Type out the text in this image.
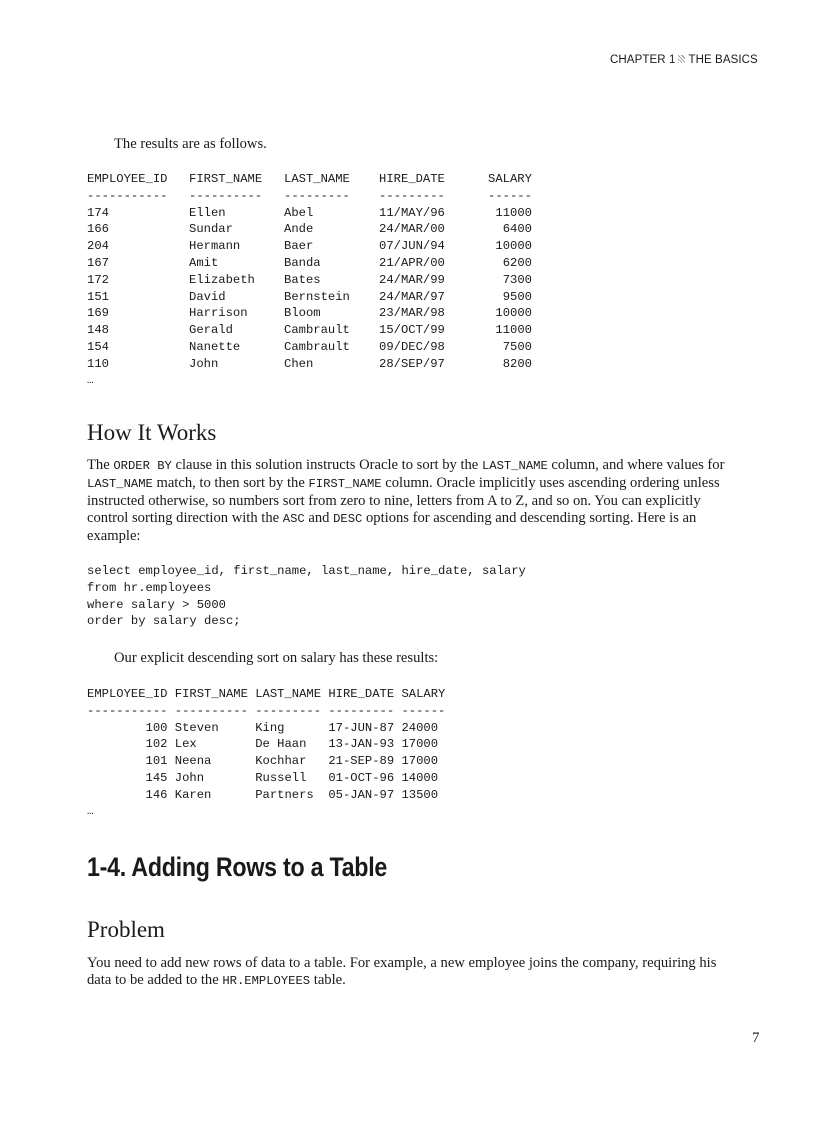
CHAPTER 1 THE BASICS
The results are as follows.
EMPLOYEE_ID	FIRST_NAME	LAST_NAME	HIRE_DATE	SALARY
-----------	----------	---------	---------	------
174	Ellen	Abel	11/MAY/96	11000
166	Sundar	Ande	24/MAR/00	6400
204	Hermann	Baer	07/JUN/94	10000
167	Amit	Banda	21/APR/00	6200
172	Elizabeth	Bates	24/MAR/99	7300
151	David	Bernstein	24/MAR/97	9500
169	Harrison	Bloom	23/MAR/98	10000
148	Gerald	Cambrault	15/OCT/99	11000
154	Nanette	Cambrault	09/DEC/98	7500
110	John	Chen	28/SEP/97	8200
…
How It Works

The ORDER BY clause in this solution instructs Oracle to sort by the LAST_NAME column, and where values for LAST_NAME match, to then sort by the FIRST_NAME column. Oracle implicitly uses ascending ordering unless instructed otherwise, so numbers sort from zero to nine, letters from A to Z, and so on. You can explicitly control sorting direction with the ASC and DESC options for ascending and descending sorting. Here is an example:

select employee_id, first_name, last_name, hire_date, salary
from hr.employees
where salary > 5000
order by salary desc;
Our explicit descending sort on salary has these results:
EMPLOYEE_ID FIRST_NAME LAST_NAME HIRE_DATE SALARY
----------- ---------- --------- --------- ------
100 Steven     King      17-JUN-87 24000
102 Lex        De Haan   13-JAN-93 17000
101 Neena      Kochhar   21-SEP-89 17000
145 John       Russell   01-OCT-96 14000
146 Karen      Partners  05-JAN-97 13500
…
1-4. Adding Rows to a Table
Problem

You need to add new rows of data to a table. For example, a new employee joins the company, requiring his data to be added to the HR.EMPLOYEES table.

7
